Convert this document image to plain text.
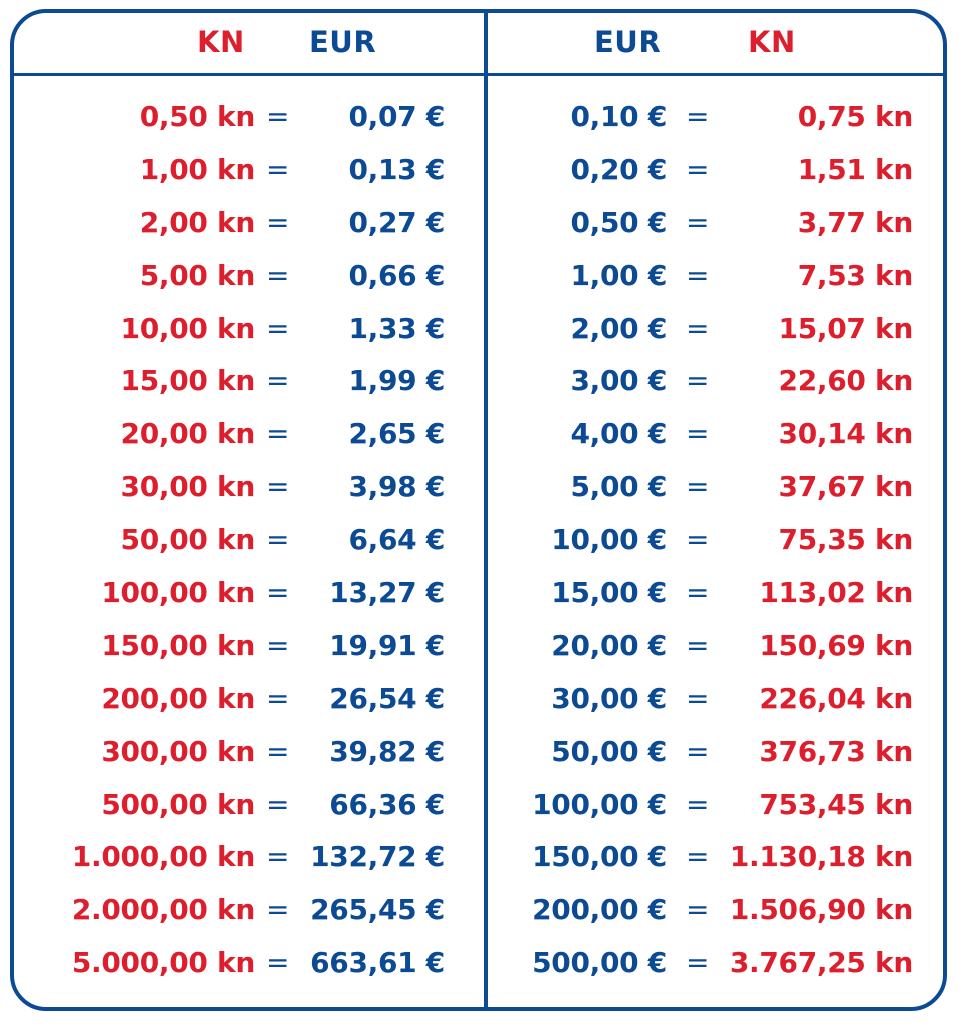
KN EUR	EUR	KN
0,50 kn = 0,07 €	0,10 € =	0,75 kn
1,00 kn = 0,13 €	0,20 € =	1,51 kn
2,00 kn = 0,27 €	0,50 € =	3,77 kn
5,00 kn = 0,66 €	1,00 € =	7,53 kn
10,00 kn = 1,33 €	2,00 € = 15,07 kn
15,00 kn = 1,99 €	3,00 € = 22,60 kn
20,00 kn = 2,65 €	4,00 € = 30,14 kn
30,00 kn = 3,98 €	5,00 € = 37,67 kn
50,00 kn = 6,64 €	10,00 € = 75,35 kn
100,00 kn = 13,27 €	15,00 € = 113,02 kn
150,00 kn = 19,91 €	20,00 € = 150,69 kn
200,00 kn = 26,54 €	30,00 € = 226,04 kn
300,00 kn = 39,82 €	50,00 € = 376,73 kn
500,00 kn = 66,36 €	100,00 € = 753,45 kn
1.000,00 kn = 132,72 €	150,00 € = 1.130,18 kn
2.000,00 kn = 265,45 €	200,00 € = 1.506,90 kn
5.000,00 kn = 663,61 €	500,00 € = 3.767,25 kn
